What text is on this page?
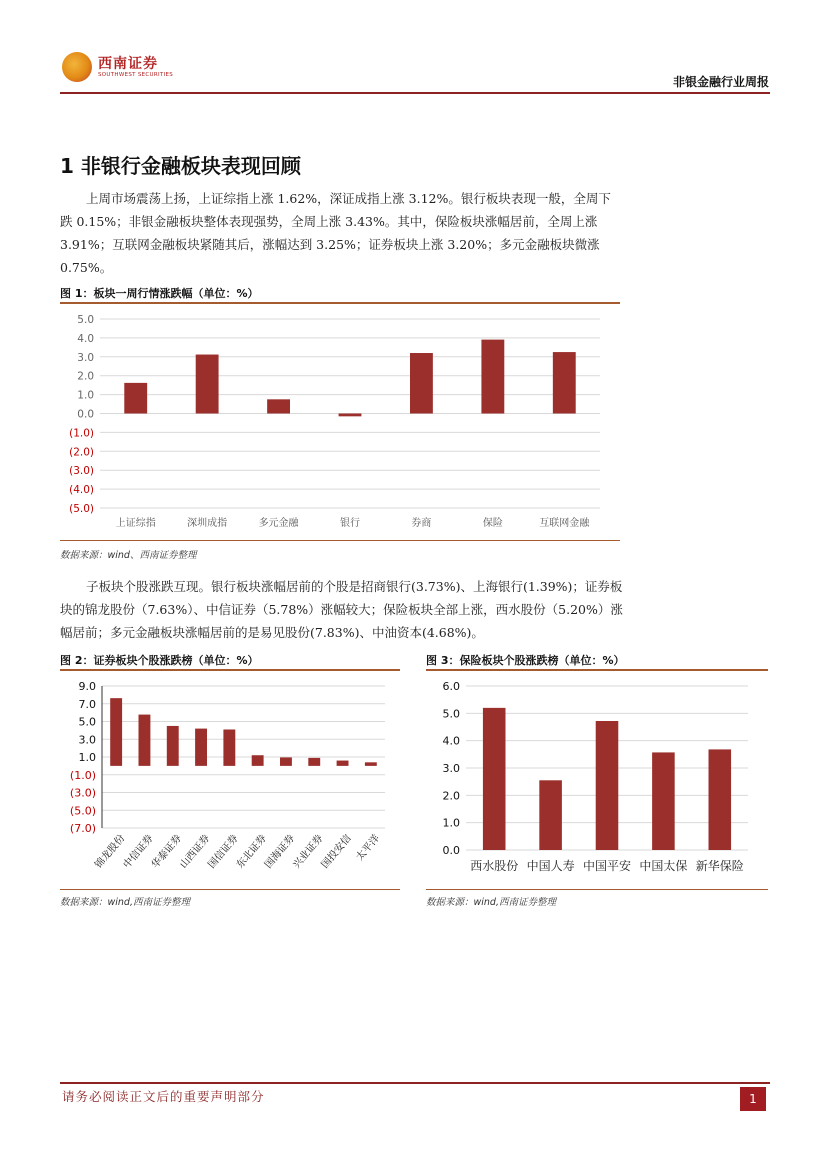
西南证券
SOUTHWEST SECURITIES	非银金融行业周报
1 非银行金融板块表现回顾

上周市场震荡上扬，上证综指上涨 1.62%，深证成指上涨 3.12%。银行板块表现一般，全周下跌 0.15%；非银金融板块整体表现强势，全周上涨 3.43%。其中，保险板块涨幅居前，全周上涨 3.91%；互联网金融板块紧随其后，涨幅达到 3.25%；证券板块上涨 3.20%；多元金融板块微涨 0.75%。

图 1：板块一周行情涨跌幅（单位：%）
5.0
4.0
3.0
2.0
1.0
0.0
(1.0)
(2.0)
(3.0)
(4.0)
(5.0)
上证综指	深圳成指	多元金融	银行	券商	保险	互联网金融
数据来源：wind、西南证券整理

子板块个股涨跌互现。银行板块涨幅居前的个股是招商银行(3.73%)、上海银行(1.39%)；证券板块的锦龙股份（7.63%）、中信证券（5.78%）涨幅较大；保险板块全部上涨，西水股份（5.20%）涨幅居前；多元金融板块涨幅居前的是易见股份(7.83%)、中油资本(4.68%)。

图 2：证券板块个股涨跌榜（单位：%）
9.0
7.0
5.0
3.0
1.0
(1.0)
(3.0)
(5.0)
(7.0)
锦龙股份
中信证券
华泰证券
山西证券
国信证券
东北证券
国海证券
兴业证券
国投安信 太平洋
数据来源：wind,西南证券整理
图 3：保险板块个股涨跌榜（单位：%）
6.0
5.0
4.0
3.0
2.0
1.0
0.0
西水股份 中国人寿 中国平安 中国太保 新华保险
数据来源：wind,西南证券整理
请务必阅读正文后的重要声明部分	1
